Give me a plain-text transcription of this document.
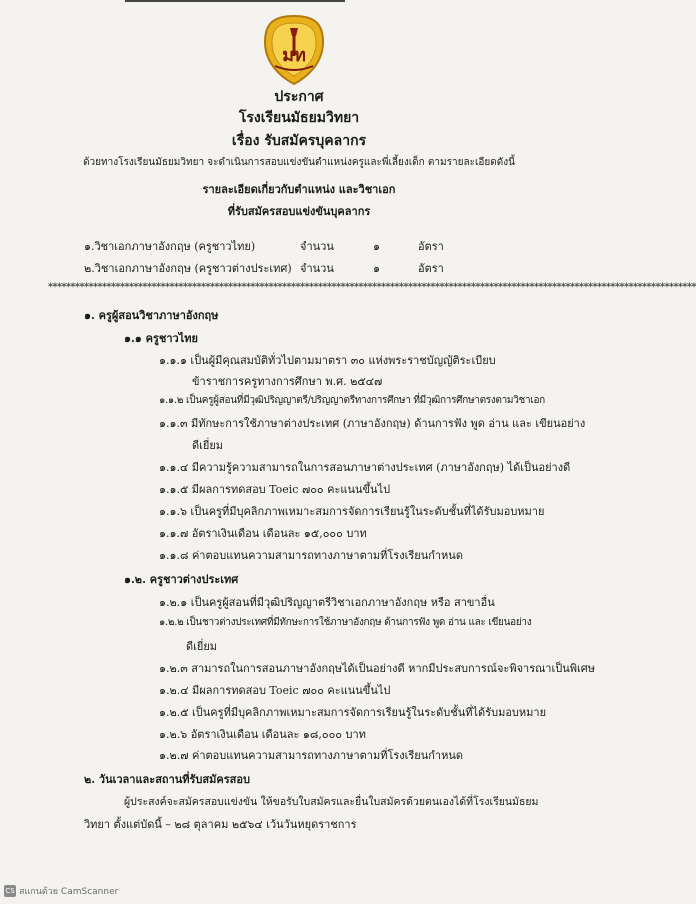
มท
ประกาศ
โรงเรียนมัธยมวิทยา
เรื่อง รับสมัครบุคลากร
ด้วยทางโรงเรียนมัธยมวิทยา จะดำเนินการสอบแข่งขันตำแหน่งครูและพี่เลี้ยงเด็ก ตามรายละเอียดดังนี้
รายละเอียดเกี่ยวกับตำแหน่ง และวิชาเอก
ที่รับสมัครสอบแข่งขันบุคลากร
๑.วิชาเอกภาษาอังกฤษ (ครูชาวไทย)	จำนวน	๑	อัตรา
๒.วิชาเอกภาษาอังกฤษ (ครูชาวต่างประเทศ) จำนวน	๑	อัตรา
************************************************************************************************************************************************
๑. ครูผู้สอนวิชาภาษาอังกฤษ
๑.๑ ครูชาวไทย
๑.๑.๑ เป็นผู้มีคุณสมบัติทั่วไปตามมาตรา ๓๐ แห่งพระราชบัญญัติระเบียบ
ข้าราชการครูทางการศึกษา พ.ศ. ๒๕๔๗
๑.๑.๒ เป็นครูผู้สอนที่มีวุฒิปริญญาตรี/ปริญญาตรีทางการศึกษา ที่มีวุฒิการศึกษาตรงตามวิชาเอก
๑.๑.๓ มีทักษะการใช้ภาษาต่างประเทศ (ภาษาอังกฤษ) ด้านการฟัง พูด อ่าน และ เขียนอย่าง
ดีเยี่ยม
๑.๑.๔ มีความรู้ความสามารถในการสอนภาษาต่างประเทศ (ภาษาอังกฤษ) ได้เป็นอย่างดี
๑.๑.๕ มีผลการทดสอบ Toeic ๗๐๐ คะแนนขึ้นไป
๑.๑.๖ เป็นครูที่มีบุคลิกภาพเหมาะสมการจัดการเรียนรู้ในระดับชั้นที่ได้รับมอบหมาย
๑.๑.๗ อัตราเงินเดือน เดือนละ ๑๕,๐๐๐ บาท
๑.๑.๘ ค่าตอบแทนความสามารถทางภาษาตามที่โรงเรียนกำหนด
๑.๒. ครูชาวต่างประเทศ
๑.๒.๑ เป็นครูผู้สอนที่มีวุฒิปริญญาตรีวิชาเอกภาษาอังกฤษ หรือ สาขาอื่น
๑.๒.๒ เป็นชาวต่างประเทศที่มีทักษะการใช้ภาษาอังกฤษ ด้านการฟัง พูด อ่าน และ เขียนอย่าง
ดีเยี่ยม
๑.๒.๓ สามารถในการสอนภาษาอังกฤษได้เป็นอย่างดี หากมีประสบการณ์จะพิจารณาเป็นพิเศษ
๑.๒.๔ มีผลการทดสอบ Toeic ๗๐๐ คะแนนขึ้นไป
๑.๒.๕ เป็นครูที่มีบุคลิกภาพเหมาะสมการจัดการเรียนรู้ในระดับชั้นที่ได้รับมอบหมาย
๑.๒.๖ อัตราเงินเดือน เดือนละ ๑๘,๐๐๐ บาท
๑.๒.๗ ค่าตอบแทนความสามารถทางภาษาตามที่โรงเรียนกำหนด
๒. วันเวลาและสถานที่รับสมัครสอบ
ผู้ประสงค์จะสมัครสอบแข่งขัน ให้ขอรับใบสมัครและยื่นใบสมัครด้วยตนเองได้ที่โรงเรียนมัธยม
วิทยา ตั้งแต่บัดนี้ – ๒๘ ตุลาคม ๒๕๖๔ เว้นวันหยุดราชการ
CS สแกนด้วย CamScanner
